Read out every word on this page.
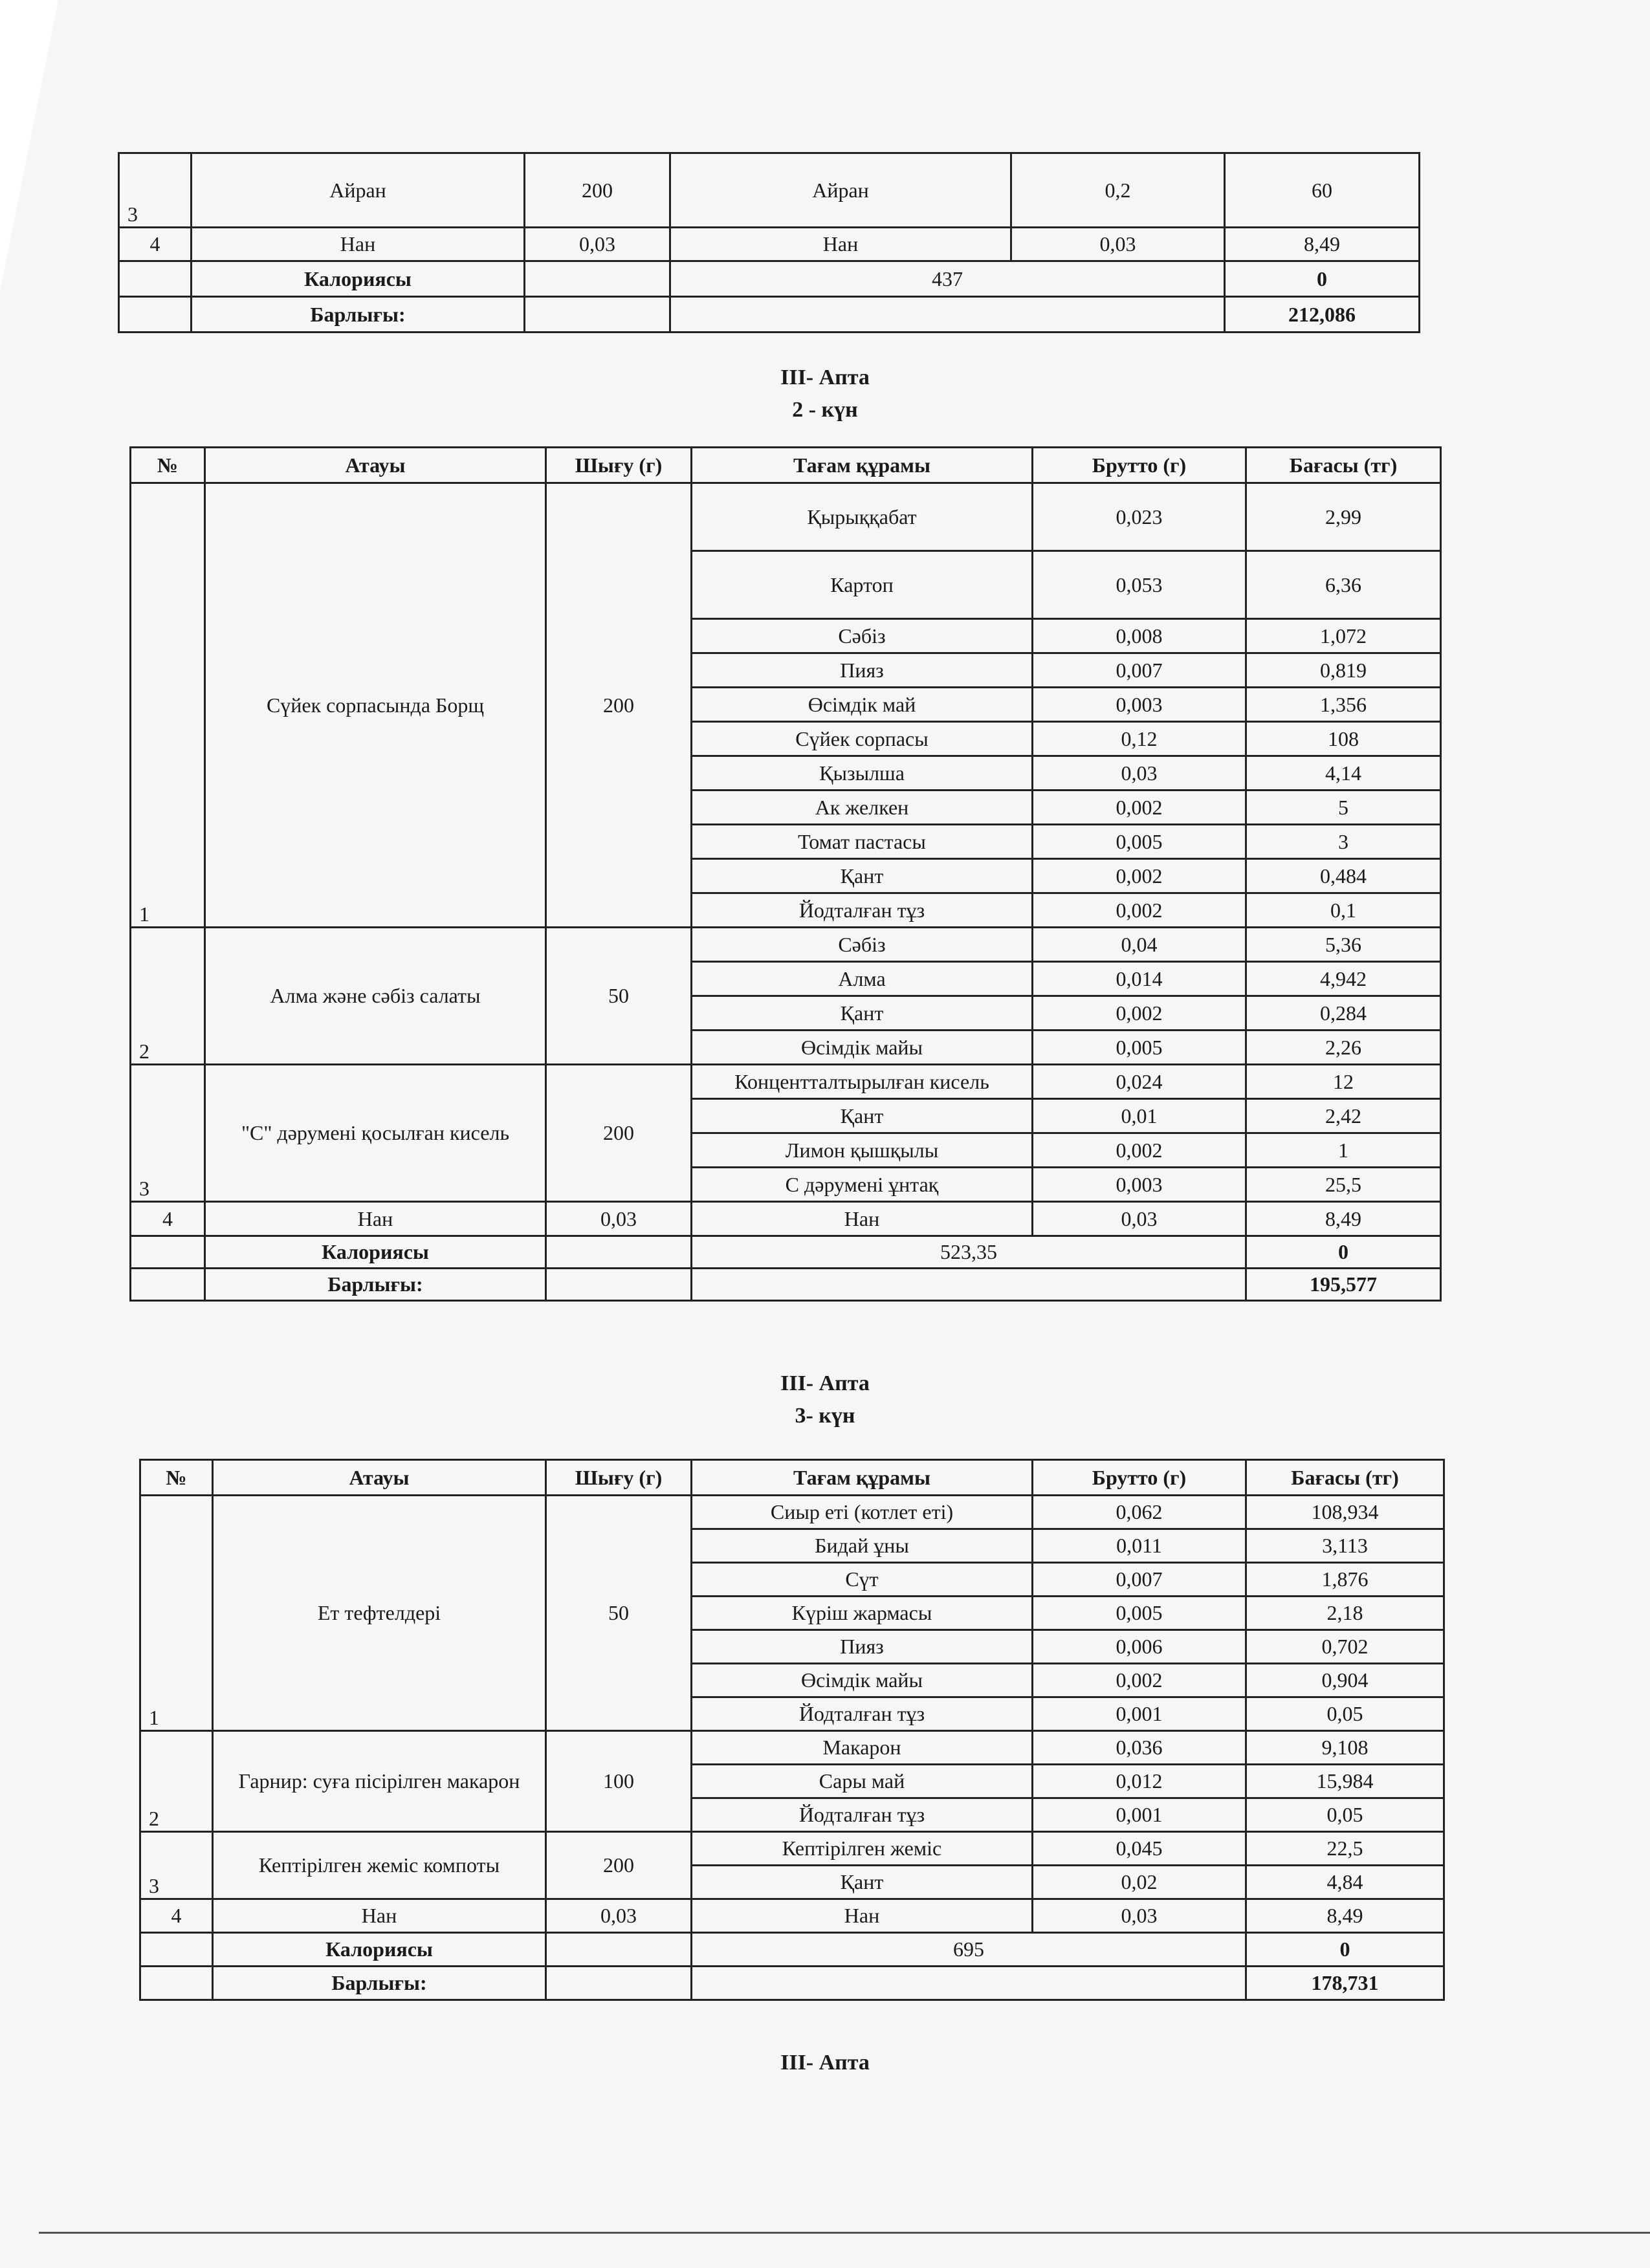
3	Айран	200	Айран	0,2	60
4	Нан	0,03	Нан	0,03	8,49
	Калориясы		437		0
	Барлығы:				212,086
III- Апта
2 - күн
№	Атауы	Шығу (г)	Тағам құрамы	Брутто (г)	Бағасы (тг)
1	Сүйек сорпасында Борщ	200	Қырыққабат	0,023	2,99
			Картоп	0,053	6,36
			Сәбіз	0,008	1,072
			Пияз	0,007	0,819
			Өсімдік май	0,003	1,356
			Сүйек сорпасы	0,12	108
			Қызылша	0,03	4,14
			Ак желкен	0,002	5
			Томат пастасы	0,005	3
			Қант	0,002	0,484
			Йодталған тұз	0,002	0,1
2	Алма және сәбіз салаты	50	Сәбіз	0,04	5,36
			Алма	0,014	4,942
			Қант	0,002	0,284
			Өсімдік майы	0,005	2,26
3	"С" дәрумені қосылған кисель	200	Концентталтырылған кисель	0,024	12
			Қант	0,01	2,42
			Лимон қышқылы	0,002	1
			С дәрумені ұнтақ	0,003	25,5
4	Нан	0,03	Нан	0,03	8,49
	Калориясы		523,35		0
	Барлығы:				195,577
III- Апта
3- күн
№	Атауы	Шығу (г)	Тағам құрамы	Брутто (г)	Бағасы (тг)
1	Ет тефтелдері	50	Сиыр еті (котлет еті)	0,062	108,934
			Бидай ұны	0,011	3,113
			Сүт	0,007	1,876
			Күріш жармасы	0,005	2,18
			Пияз	0,006	0,702
			Өсімдік майы	0,002	0,904
			Йодталған тұз	0,001	0,05
2	Гарнир: суға пісірілген макарон	100	Макарон	0,036	9,108
			Сары май	0,012	15,984
			Йодталған тұз	0,001	0,05
3	Кептірілген жеміс компоты	200	Кептірілген жеміс	0,045	22,5
			Қант	0,02	4,84
4	Нан	0,03	Нан	0,03	8,49
	Калориясы		695		0
	Барлығы:				178,731
III- Апта
